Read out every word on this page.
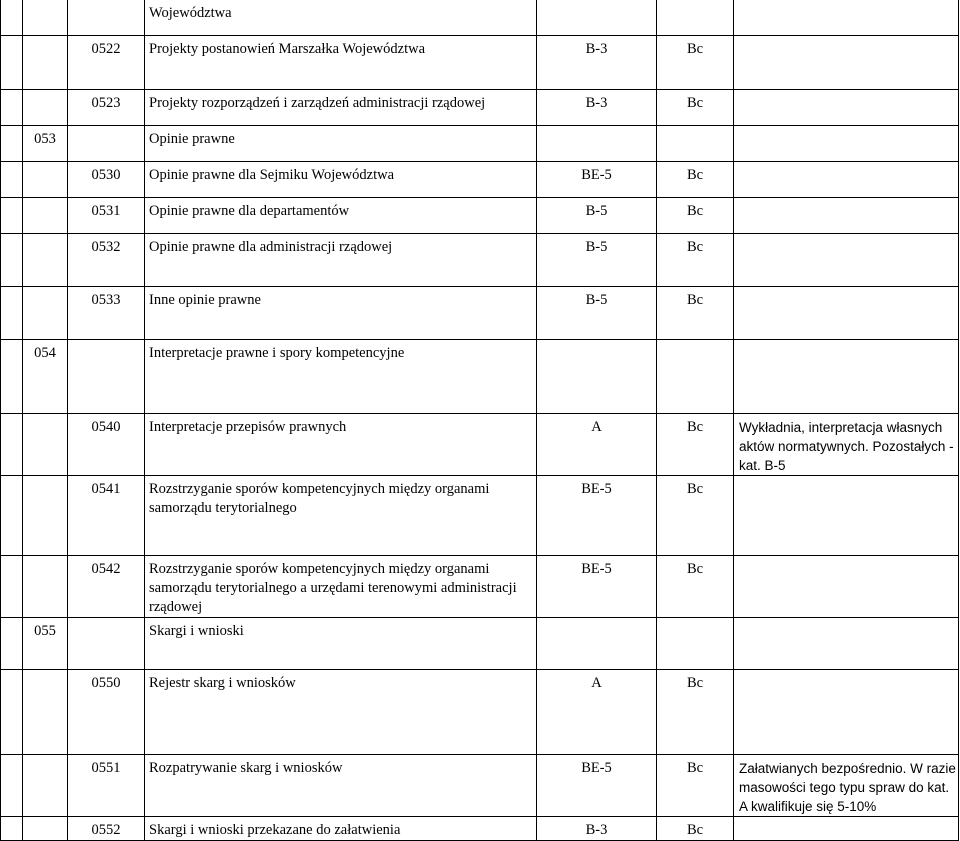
			Województwa			
		0522	Projekty postanowień Marszałka Województwa	B-3	Bc	
		0523	Projekty rozporządzeń i zarządzeń administracji rządowej	B-3	Bc	
	053		Opinie prawne			
		0530	Opinie prawne dla Sejmiku Województwa	BE-5	Bc	
		0531	Opinie prawne dla departamentów	B-5	Bc	
		0532	Opinie prawne dla administracji rządowej	B-5	Bc	
		0533	Inne opinie prawne	B-5	Bc	
	054		Interpretacje prawne i spory kompetencyjne			
		0540	Interpretacje przepisów prawnych	A	Bc	Wykładnia, interpretacja własnych aktów normatywnych. Pozostałych - kat. B-5
		0541	Rozstrzyganie sporów kompetencyjnych między organami samorządu terytorialnego	BE-5	Bc	
		0542	Rozstrzyganie sporów kompetencyjnych między organami samorządu terytorialnego a urzędami terenowymi administracji rządowej	BE-5	Bc	
	055		Skargi i wnioski			
		0550	Rejestr skarg i wniosków	A	Bc	
		0551	Rozpatrywanie skarg i wniosków	BE-5	Bc	Załatwianych bezpośrednio. W razie masowości tego typu spraw do kat. A kwalifikuje się 5-10%
		0552	Skargi i wnioski przekazane do załatwienia	B-3	Bc	
